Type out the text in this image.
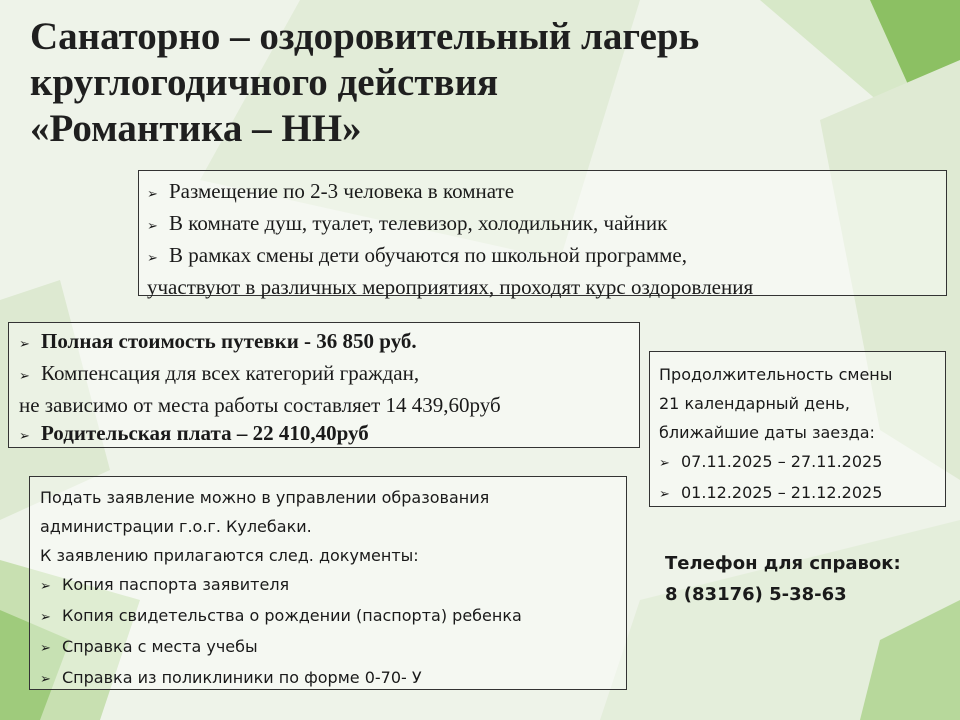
Санаторно – оздоровительный лагерь
круглогодичного действия
«Романтика – НН»
➢ Размещение по 2-3 человека в комнате
➢ В комнате душ, туалет, телевизор, холодильник, чайник
➢ В рамках смены дети обучаются по школьной программе,
участвуют в различных мероприятиях, проходят курс оздоровления
➢ Полная стоимость путевки - 36 850 руб.
➢ Компенсация для всех категорий граждан,
не зависимо от места работы составляет 14 439,60руб
➢ Родительская плата – 22 410,40руб
Продолжительность смены
21 календарный день,
ближайшие даты заезда:
➢ 07.11.2025 – 27.11.2025
➢ 01.12.2025 – 21.12.2025
Подать заявление можно в управлении образования
администрации г.о.г. Кулебаки.
К заявлению прилагаются след. документы:
➢ Копия паспорта заявителя
➢ Копия свидетельства о рождении (паспорта) ребенка
➢ Справка с места учебы
➢ Справка из поликлиники по форме 0-70- У
Телефон для справок:
8 (83176) 5-38-63
